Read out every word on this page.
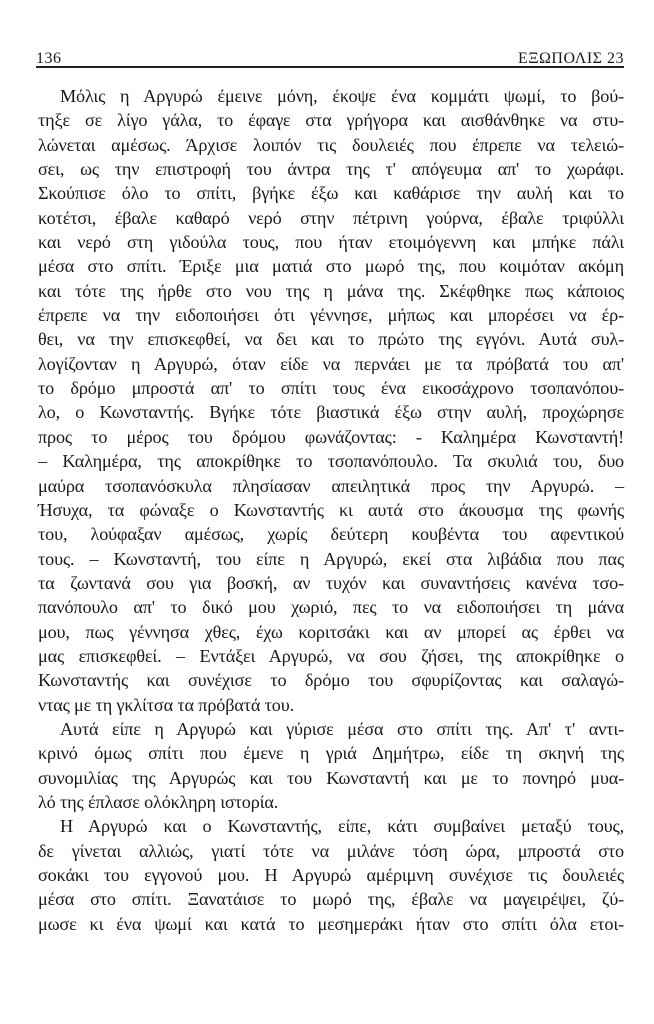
136	ΕΞΩΠΟΛΙΣ 23
Μόλις η Αργυρώ έμεινε μόνη, έκοψε ένα κομμάτι ψωμί, το βού-
τηξε σε λίγο γάλα, το έφαγε στα γρήγορα και αισθάνθηκε να στυ-
λώνεται αμέσως. Άρχισε λοιπόν τις δουλειές που έπρεπε να τελειώ-
σει, ως την επιστροφή του άντρα της τ' απόγευμα απ' το χωράφι.
Σκούπισε όλο το σπίτι, βγήκε έξω και καθάρισε την αυλή και το
κοτέτσι, έβαλε καθαρό νερό στην πέτρινη γούρνα, έβαλε τριφύλλι
και νερό στη γιδούλα τους, που ήταν ετοιμόγεννη και μπήκε πάλι
μέσα στο σπίτι. Έριξε μια ματιά στο μωρό της, που κοιμόταν ακόμη
και τότε της ήρθε στο νου της η μάνα της. Σκέφθηκε πως κάποιος
έπρεπε να την ειδοποιήσει ότι γέννησε, μήπως και μπορέσει να έρ-
θει, να την επισκεφθεί, να δει και το πρώτο της εγγόνι. Αυτά συλ-
λογίζονταν η Αργυρώ, όταν είδε να περνάει με τα πρόβατά του απ'
το δρόμο μπροστά απ' το σπίτι τους ένα εικοσάχρονο τσοπανόπου-
λο, ο Κωνσταντής. Βγήκε τότε βιαστικά έξω στην αυλή, προχώρησε
προς το μέρος του δρόμου φωνάζοντας: - Καλημέρα Κωνσταντή!
– Καλημέρα, της αποκρίθηκε το τσοπανόπουλο. Τα σκυλιά του, δυο
μαύρα τσοπανόσκυλα πλησίασαν απειλητικά προς την Αργυρώ. –
Ήσυχα, τα φώναξε ο Κωνσταντής κι αυτά στο άκουσμα της φωνής
του, λούφαξαν αμέσως, χωρίς δεύτερη κουβέντα του αφεντικού
τους. – Κωνσταντή, του είπε η Αργυρώ, εκεί στα λιβάδια που πας
τα ζωντανά σου για βοσκή, αν τυχόν και συναντήσεις κανένα τσο-
πανόπουλο απ' το δικό μου χωριό, πες το να ειδοποιήσει τη μάνα
μου, πως γέννησα χθες, έχω κοριτσάκι και αν μπορεί ας έρθει να
μας επισκεφθεί. – Εντάξει Αργυρώ, να σου ζήσει, της αποκρίθηκε ο
Κωνσταντής και συνέχισε το δρόμο του σφυρίζοντας και σαλαγώ-
ντας με τη γκλίτσα τα πρόβατά του.
Αυτά είπε η Αργυρώ και γύρισε μέσα στο σπίτι της. Απ' τ' αντι-
κρινό όμως σπίτι που έμενε η γριά Δημήτρω, είδε τη σκηνή της
συνομιλίας της Αργυρώς και του Κωνσταντή και με το πονηρό μυα-
λό της έπλασε ολόκληρη ιστορία.
Η Αργυρώ και ο Κωνσταντής, είπε, κάτι συμβαίνει μεταξύ τους,
δε γίνεται αλλιώς, γιατί τότε να μιλάνε τόση ώρα, μπροστά στο
σοκάκι του εγγονού μου. Η Αργυρώ αμέριμνη συνέχισε τις δουλειές
μέσα στο σπίτι. Ξανατάισε το μωρό της, έβαλε να μαγειρέψει, ζύ-
μωσε κι ένα ψωμί και κατά το μεσημεράκι ήταν στο σπίτι όλα ετοι-
